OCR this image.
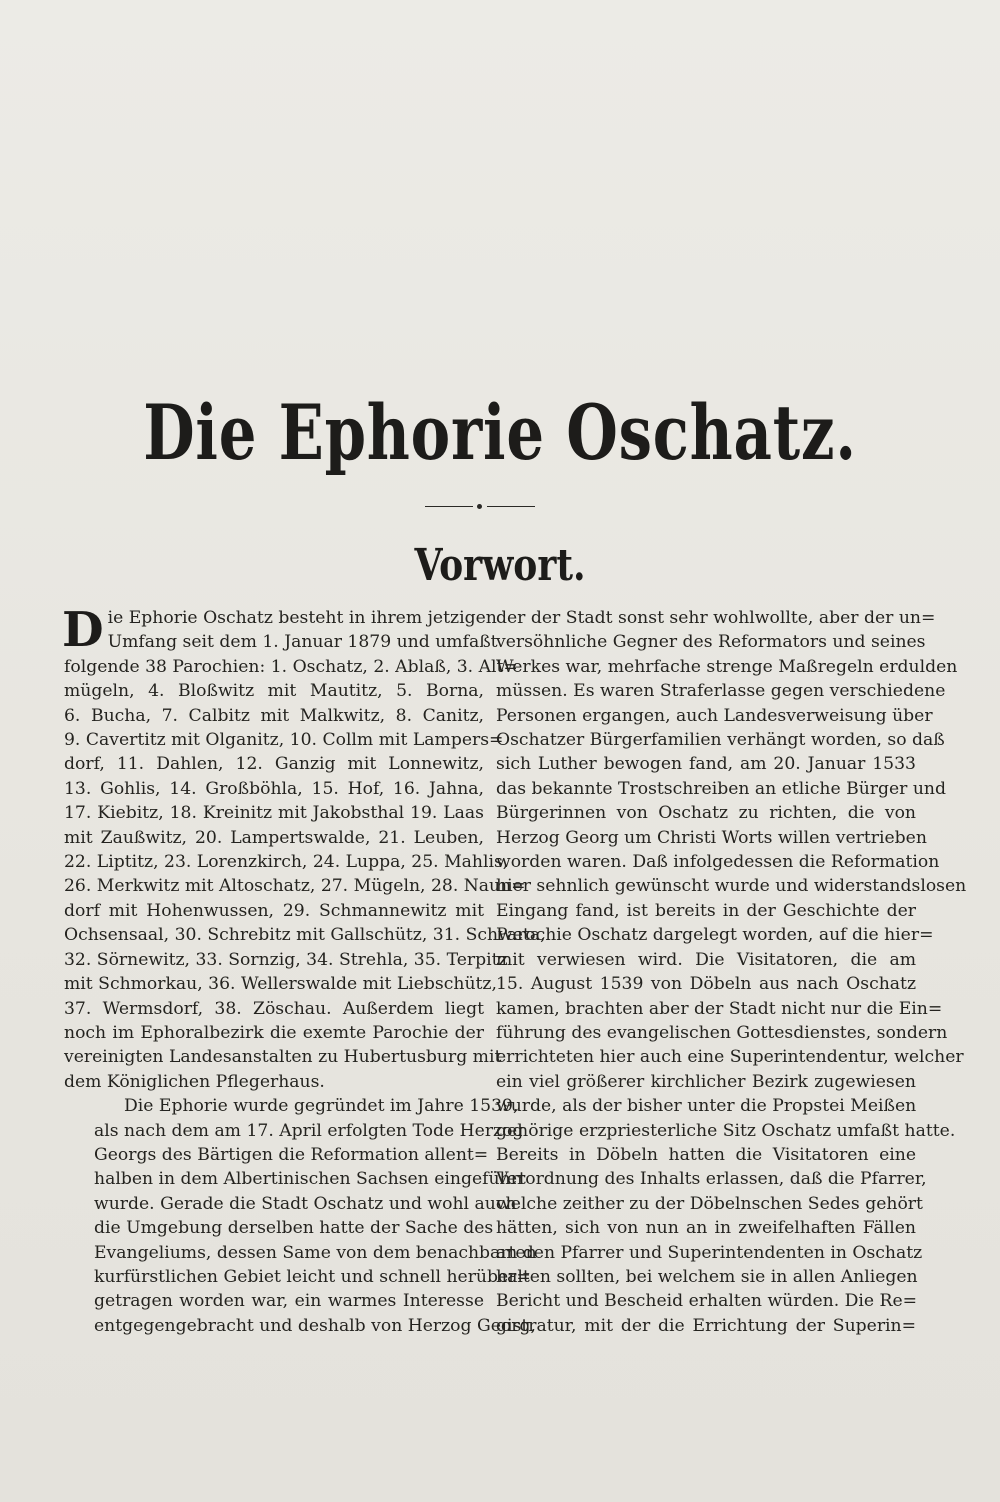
Die Ephorie Oschatz.
Vorwort.

D ie Ephorie Oschatz besteht in ihrem jetzigen
Umfang seit dem 1. Januar 1879 und umfaßt
folgende 38 Parochien: 1. Oschatz, 2. Ablaß, 3. Alt=
mügeln, 4. Bloßwitz mit Mautitz, 5. Borna,
6. Bucha, 7. Calbitz mit Malkwitz, 8. Canitz,
9. Cavertitz mit Olganitz, 10. Collm mit Lampers=
dorf, 11. Dahlen, 12. Ganzig mit Lonnewitz,
13. Gohlis, 14. Großböhla, 15. Hof, 16. Jahna,
17. Kiebitz, 18. Kreinitz mit Jakobsthal 19. Laas
mit Zaußwitz, 20. Lampertswalde, 21. Leuben,
22. Liptitz, 23. Lorenzkirch, 24. Luppa, 25. Mahlis,
26. Merkwitz mit Altoschatz, 27. Mügeln, 28. Naun=
dorf mit Hohenwussen, 29. Schmannewitz mit
Ochsensaal, 30. Schrebitz mit Gallschütz, 31. Schweta,
32. Sörnewitz, 33. Sornzig, 34. Strehla, 35. Terpitz
mit Schmorkau, 36. Wellerswalde mit Liebschütz,
37. Wermsdorf, 38. Zöschau. Außerdem liegt
noch im Ephoralbezirk die exemte Parochie der
vereinigten Landesanstalten zu Hubertusburg mit
dem Königlichen Pflegerhaus.

Die Ephorie wurde gegründet im Jahre 1539,
als nach dem am 17. April erfolgten Tode Herzog
Georgs des Bärtigen die Reformation allent=
halben in dem Albertinischen Sachsen eingeführt
wurde. Gerade die Stadt Oschatz und wohl auch
die Umgebung derselben hatte der Sache des
Evangeliums, dessen Same von dem benachbarten
kurfürstlichen Gebiet leicht und schnell herüber=
getragen worden war, ein warmes Interesse
entgegengebracht und deshalb von Herzog Georg,

der der Stadt sonst sehr wohlwollte, aber der un=
versöhnliche Gegner des Reformators und seines
Werkes war, mehrfache strenge Maßregeln erdulden
müssen. Es waren Straferlasse gegen verschiedene
Personen ergangen, auch Landesverweisung über
Oschatzer Bürgerfamilien verhängt worden, so daß
sich Luther bewogen fand, am 20. Januar 1533
das bekannte Trostschreiben an etliche Bürger und
Bürgerinnen von Oschatz zu richten, die von
Herzog Georg um Christi Worts willen vertrieben
worden waren. Daß infolgedessen die Reformation
hier sehnlich gewünscht wurde und widerstandslosen
Eingang fand, ist bereits in der Geschichte der
Parochie Oschatz dargelegt worden, auf die hier=
mit verwiesen wird. Die Visitatoren, die am
15. August 1539 von Döbeln aus nach Oschatz
kamen, brachten aber der Stadt nicht nur die Ein=
führung des evangelischen Gottesdienstes, sondern
errichteten hier auch eine Superintendentur, welcher
ein viel größerer kirchlicher Bezirk zugewiesen
wurde, als der bisher unter die Propstei Meißen
gehörige erzpriesterliche Sitz Oschatz umfaßt hatte.
Bereits in Döbeln hatten die Visitatoren eine
Verordnung des Inhalts erlassen, daß die Pfarrer,
welche zeither zu der Döbelnschen Sedes gehört
hätten, sich von nun an in zweifelhaften Fällen
an den Pfarrer und Superintendenten in Oschatz
halten sollten, bei welchem sie in allen Anliegen
Bericht und Bescheid erhalten würden. Die Re=
gistratur, mit der die Errichtung der Superin=
